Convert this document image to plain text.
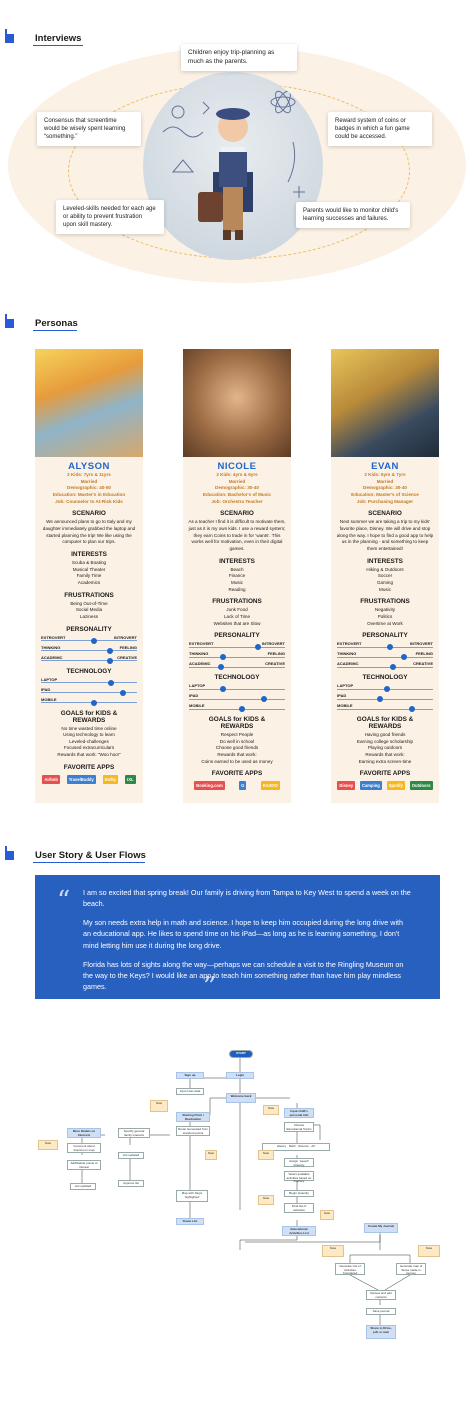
Interviews
Children enjoy trip-planning as much as the parents.
Consensus that screentime would be wisely spent learning “something.”
Reward system of coins or badges in which a fun game could be accessed.
Leveled-skills needed for each age or ability to prevent frustration upon skill mastery.
Parents would like to monitor child's learning successes and failures.
Personas
ALYSON
2 Kids: 7yrs & 11yrs
Married
Demographic: 40-50
Education: Master's in Education
Job: Counselor to At-Risk Kids
SCENARIO
We announced plans to go to Italy and my daughter immediately grabbed the laptop and started planning the trip! We like using the computer to plan our trips.
INTERESTS
Scuba & Boating
Musical Theater
Family Time
Academics
FRUSTRATIONS
Being Out-of-Time
Social Media
Laziness
PERSONALITY
EXTROVERT	INTROVERT
THINKING	FEELING
ACADEMIC	CREATIVE
TECHNOLOGY
LAPTOP
IPAD
MOBILE
GOALS for KIDS & REWARDS
No time wasted time online
Using technology to learn
Leveled-challenges
Focused extracurriculars
Rewards that work: “Woo hoo!”
FAVORITE APPS
Airbnb	TravelBuddy	Dolby	IXL
NICOLE
2 Kids: 4yrs & 6yrs
Married
Demographic: 30-40
Education: Bachelor's of Music
Job: Orchestra Teacher
SCENARIO
As a teacher I find it is difficult to motivate them, just as it is my own kids. I use a reward system; they earn Coins to trade in for ‘wants’. This works well for motivation, even in their digital games.
INTERESTS
Beach
Finance
Music
Reading
FRUSTRATIONS
Junk Food
Lack of Time
Websites that are Slow
PERSONALITY
EXTROVERT	INTROVERT
THINKING	FEELING
ACADEMIC	CREATIVE
TECHNOLOGY
LAPTOP
IPAD
MOBILE
GOALS for KIDS & REWARDS
Respect People
Do well in school
Choose good friends
Rewards that work:
Coins earned to be used as money
FAVORITE APPS
Booking.com	G	KAZOO
EVAN
2 Kids: 5yrs & 7yrs
Married
Demographic: 30-40
Education: Master's of Science
Job: Purchasing Manager
SCENARIO
Next summer we are taking a trip to my kids' favorite place, Disney. We will drive and stop along the way. I hope to find a good app to help us in the planning - and something to keep them entertained!
INTERESTS
Hiking & Outdoors
Soccer
Gaming
Music
FRUSTRATIONS
Negativity
Politics
Overtime at Work
PERSONALITY
EXTROVERT	INTROVERT
THINKING	FEELING
ACADEMIC	CREATIVE
TECHNOLOGY
LAPTOP
IPAD
MOBILE
GOALS for KIDS & REWARDS
Having good friends
Earning college scholarship
Playing outdoors
Rewards that work:
Earning extra screen-time
FAVORITE APPS
Disney	Camping	Spotify	Outdoors
User Story & User Flows
“ I am so excited that spring break! Our family is driving from Tampa to Key West to spend a week on the beach.

My son needs extra help in math and science. I hope to keep him occupied during the long drive with an educational app. He likes to spend time on his iPad—as long as he is learning something, I don't mind letting him use it during the long drive.

Florida has lots of sights along the way—perhaps we can schedule a visit to the Ringling Museum on the way to the Keys? I would like an app to teach him something rather than have him play mindless games.	”
START
Sign up	Login
Input User data
Welcome back
Starting Point / Destination
Route Generated from start/end points
Specify general family interests
More Details on Interests
Comment about Interest on map
Add/Delete points of interest
List updated
List updated
Approve list
Map with Stops highlighted
Route List
Input child's personal info
Choose Educational Topics
History · Math · Science · Art
Assign “saved” itinerary
Select available activities based on itinerary
Begin Quantity
Final list of activities
Educational Activities List
Create My Journal
Generate List of Activities Completed
Generate map of Stops made in journey
Review and edit contents
Save journal
Share to Drive, pdf, or web
Note
Note
Note
Note
Note
Note
Note	Note
Note
